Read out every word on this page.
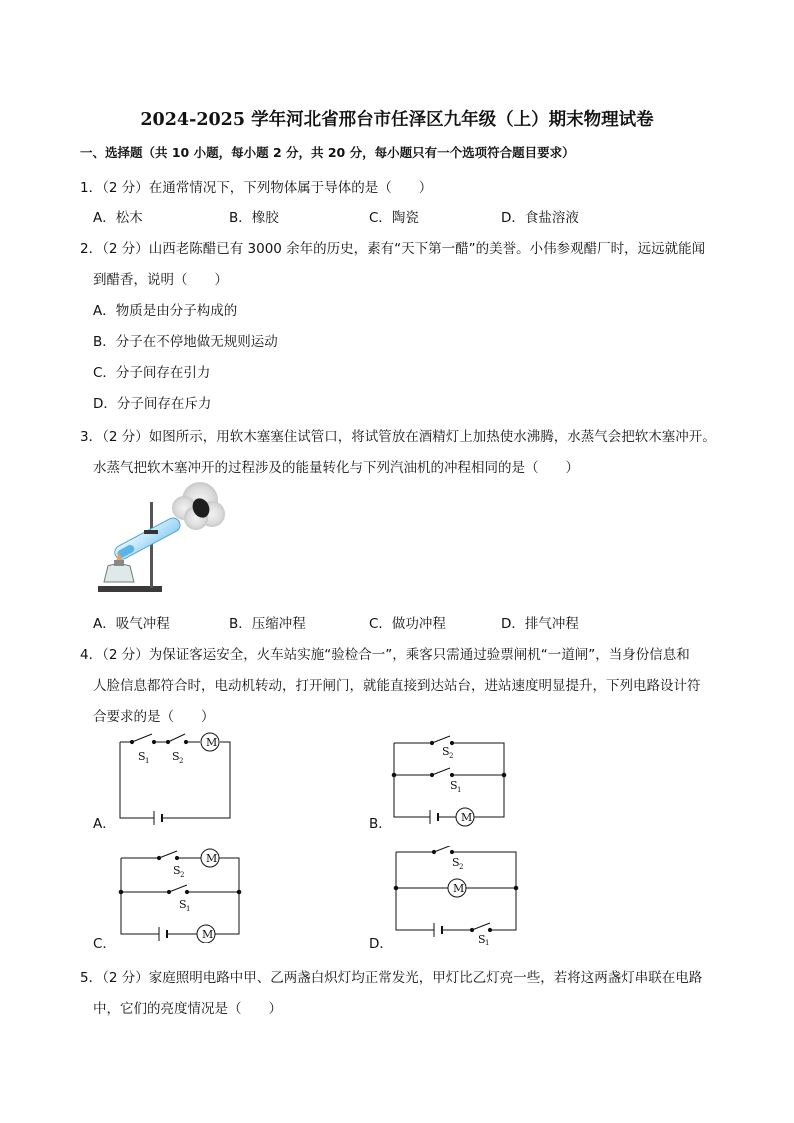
2024-2025 学年河北省邢台市任泽区九年级（上）期末物理试卷
一、选择题（共 10 小题，每小题 2 分，共 20 分，每小题只有一个选项符合题目要求）
1．（2 分）在通常情况下，下列物体属于导体的是（　　）
A．松木	B．橡胶	C．陶瓷	D．食盐溶液
2．（2 分）山西老陈醋已有 3000 余年的历史，素有“天下第一醋”的美誉。小伟参观醋厂时，远远就能闻
到醋香，说明（　　）
A．物质是由分子构成的
B．分子在不停地做无规则运动
C．分子间存在引力
D．分子间存在斥力
3．（2 分）如图所示，用软木塞塞住试管口，将试管放在酒精灯上加热使水沸腾，水蒸气会把软木塞冲开。
水蒸气把软木塞冲开的过程涉及的能量转化与下列汽油机的冲程相同的是（　　）
A．吸气冲程	B．压缩冲程	C．做功冲程	D．排气冲程
4．（2 分）为保证客运安全，火车站实施“验检合一”，乘客只需通过验票闸机“一道闸”，当身份信息和
人脸信息都符合时，电动机转动，打开闸门，就能直接到达站台，进站速度明显提升，下列电路设计符
合要求的是（　　）
A．
M
S 1 S 2
B．	M
S 2
S 1
C．
M
M
S 2
S 1
D．
M
S 2
S 1
5．（2 分）家庭照明电路中甲、乙两盏白炽灯均正常发光，甲灯比乙灯亮一些，若将这两盏灯串联在电路
中，它们的亮度情况是（　　）
